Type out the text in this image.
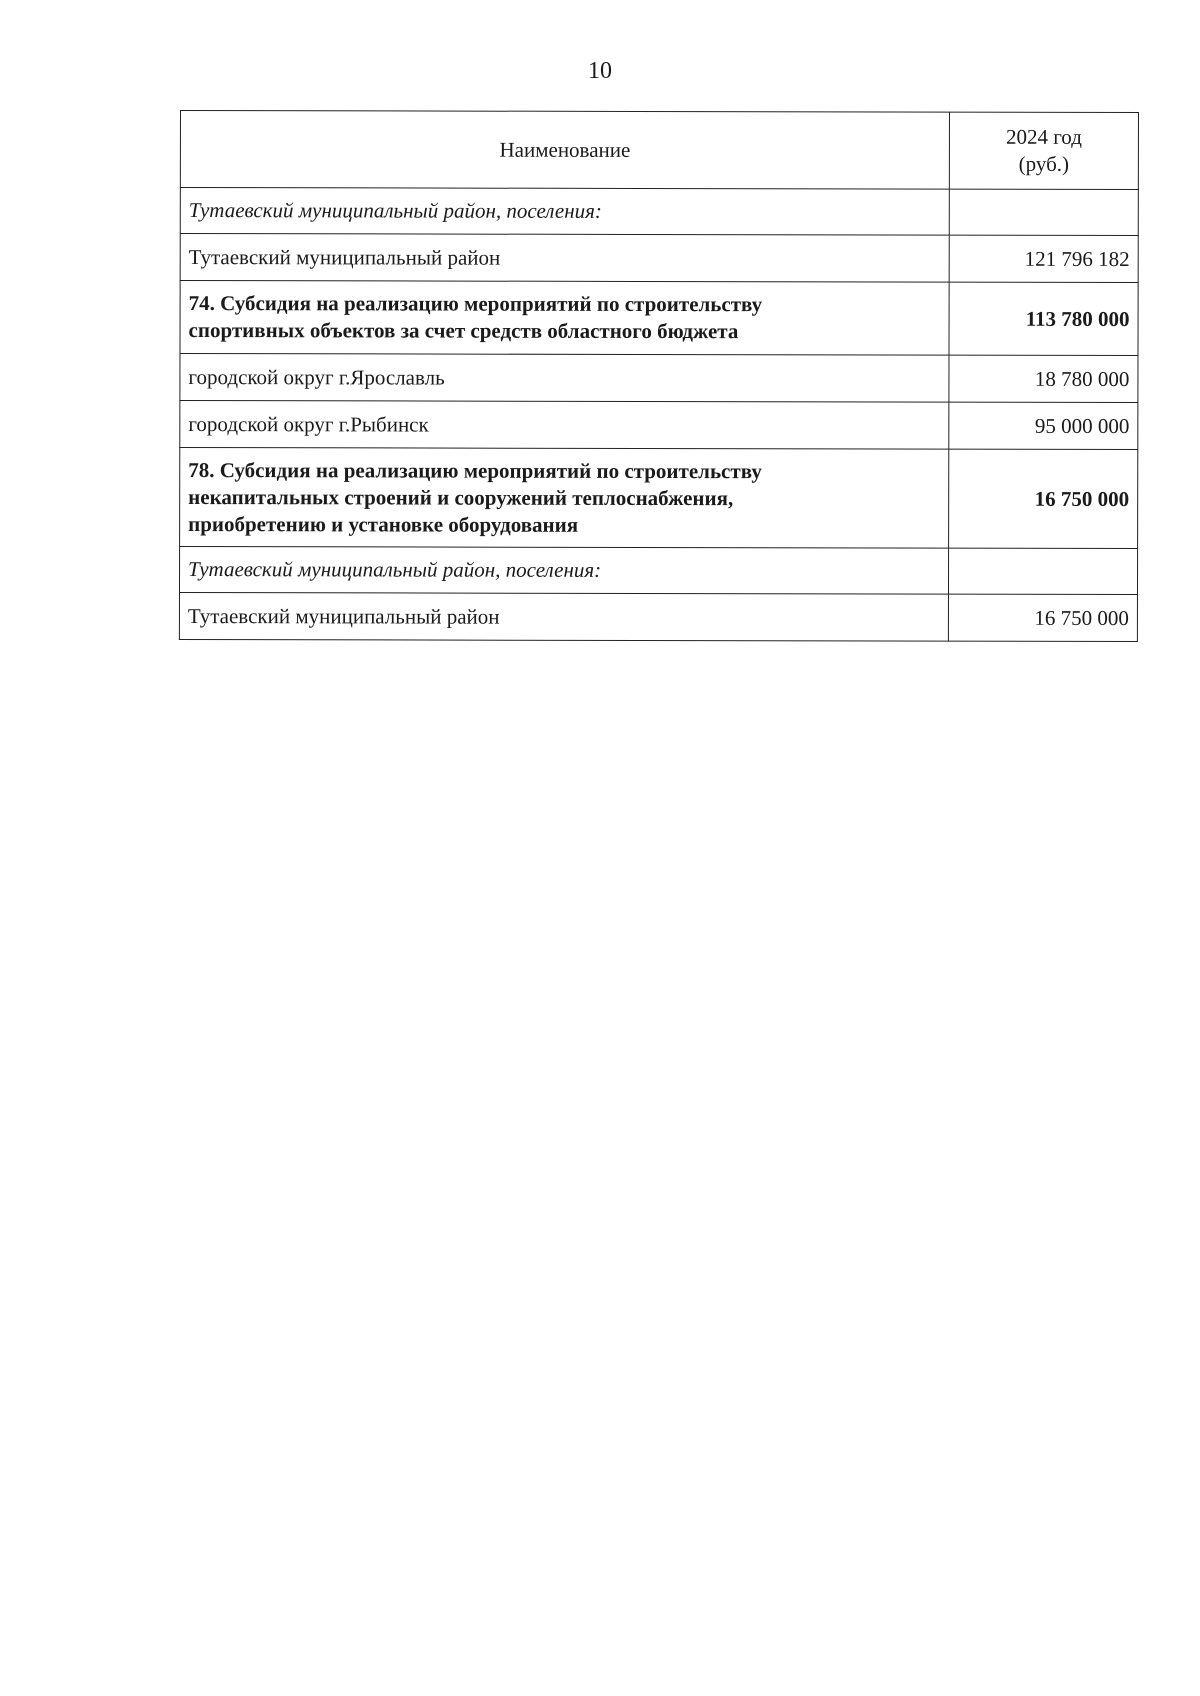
10
Наименование	2024 год
(руб.)
Тутаевский муниципальный район, поселения:	
Тутаевский муниципальный район	121 796 182
74. Субсидия на реализацию мероприятий по строительству
спортивных объектов за счет средств областного бюджета	113 780 000
городской округ г.Ярославль	18 780 000
городской округ г.Рыбинск	95 000 000
78. Субсидия на реализацию мероприятий по строительству
некапитальных строений и сооружений теплоснабжения,
приобретению и установке оборудования	16 750 000
Тутаевский муниципальный район, поселения:	
Тутаевский муниципальный район	16 750 000
